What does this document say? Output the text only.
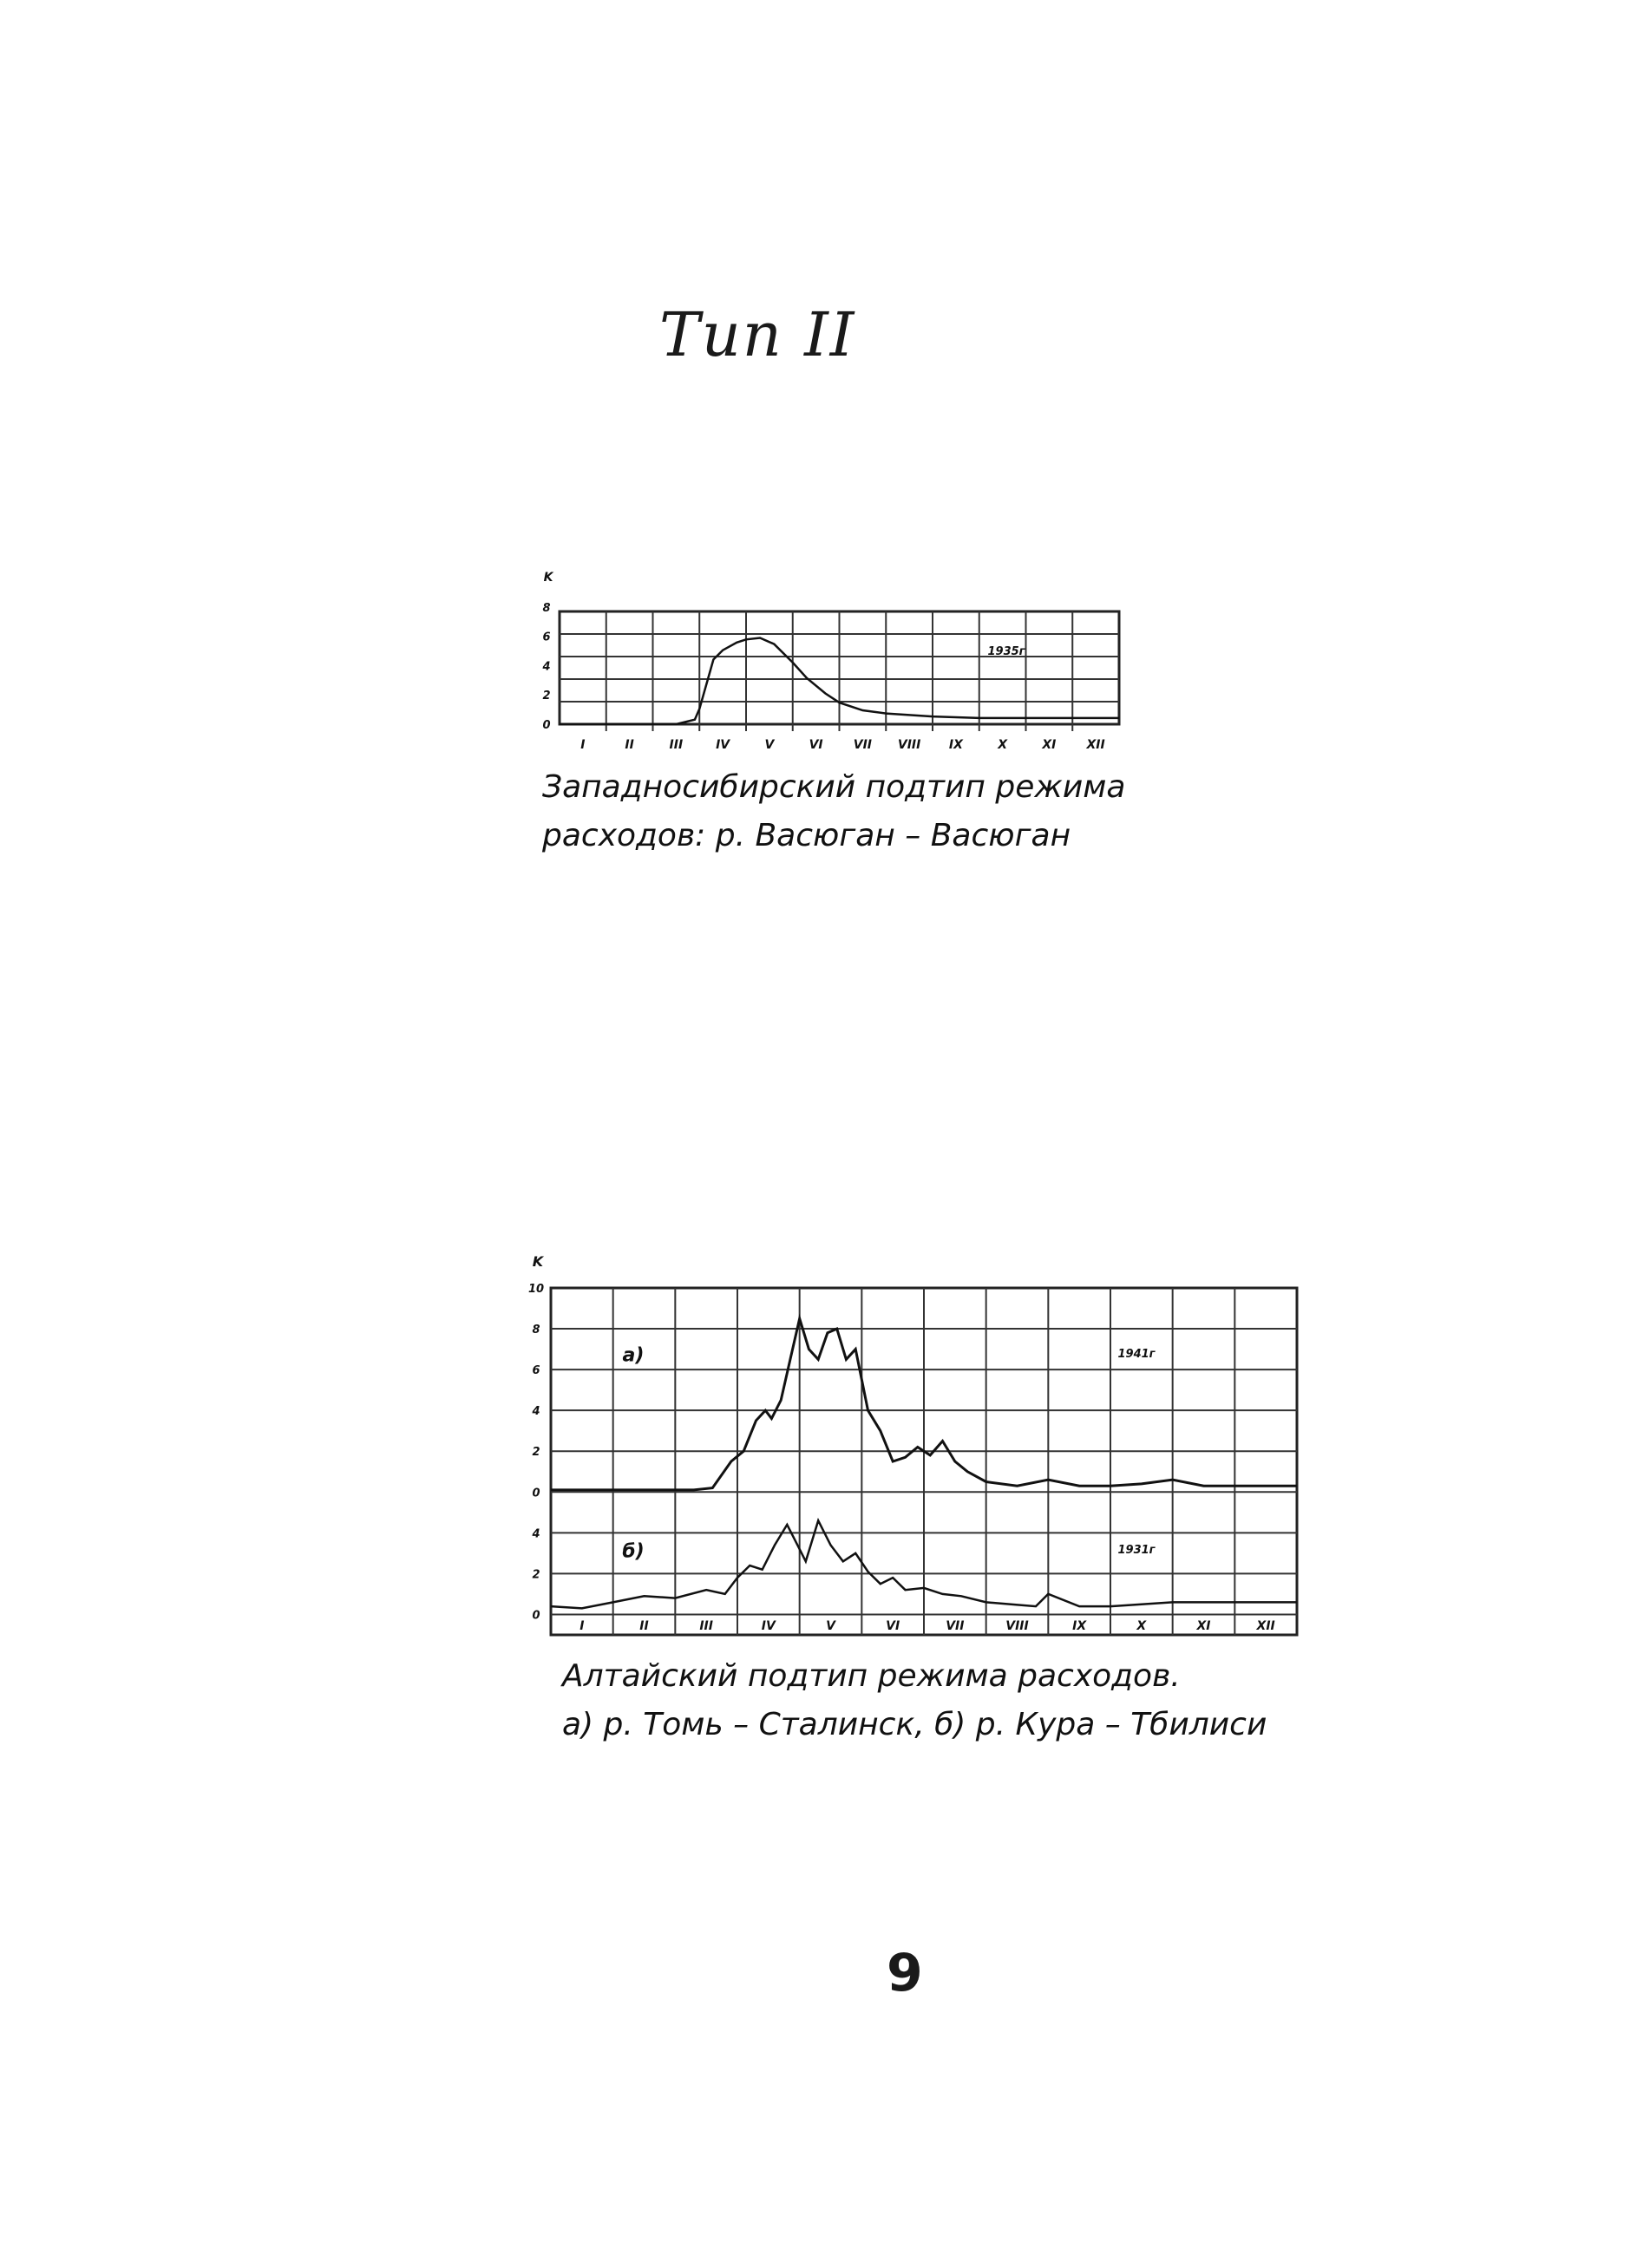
Тип II
K
0
2
4
6
8
I	II	III	IV	V	VI	VII VIII IX	X	XI	XII
1935г
Западносибирский подтип режима
расходов: р. Васюган – Васюган
K
0
2
4
6
8
10
0
2
4
I	II	III	IV	V	VI	VII	VIII	IX	X	XI	XII
а)
б)
1941г
1931г
Алтайский подтип режима расходов.
а) р. Томь – Сталинск, б) р. Кура – Тбилиси
9
